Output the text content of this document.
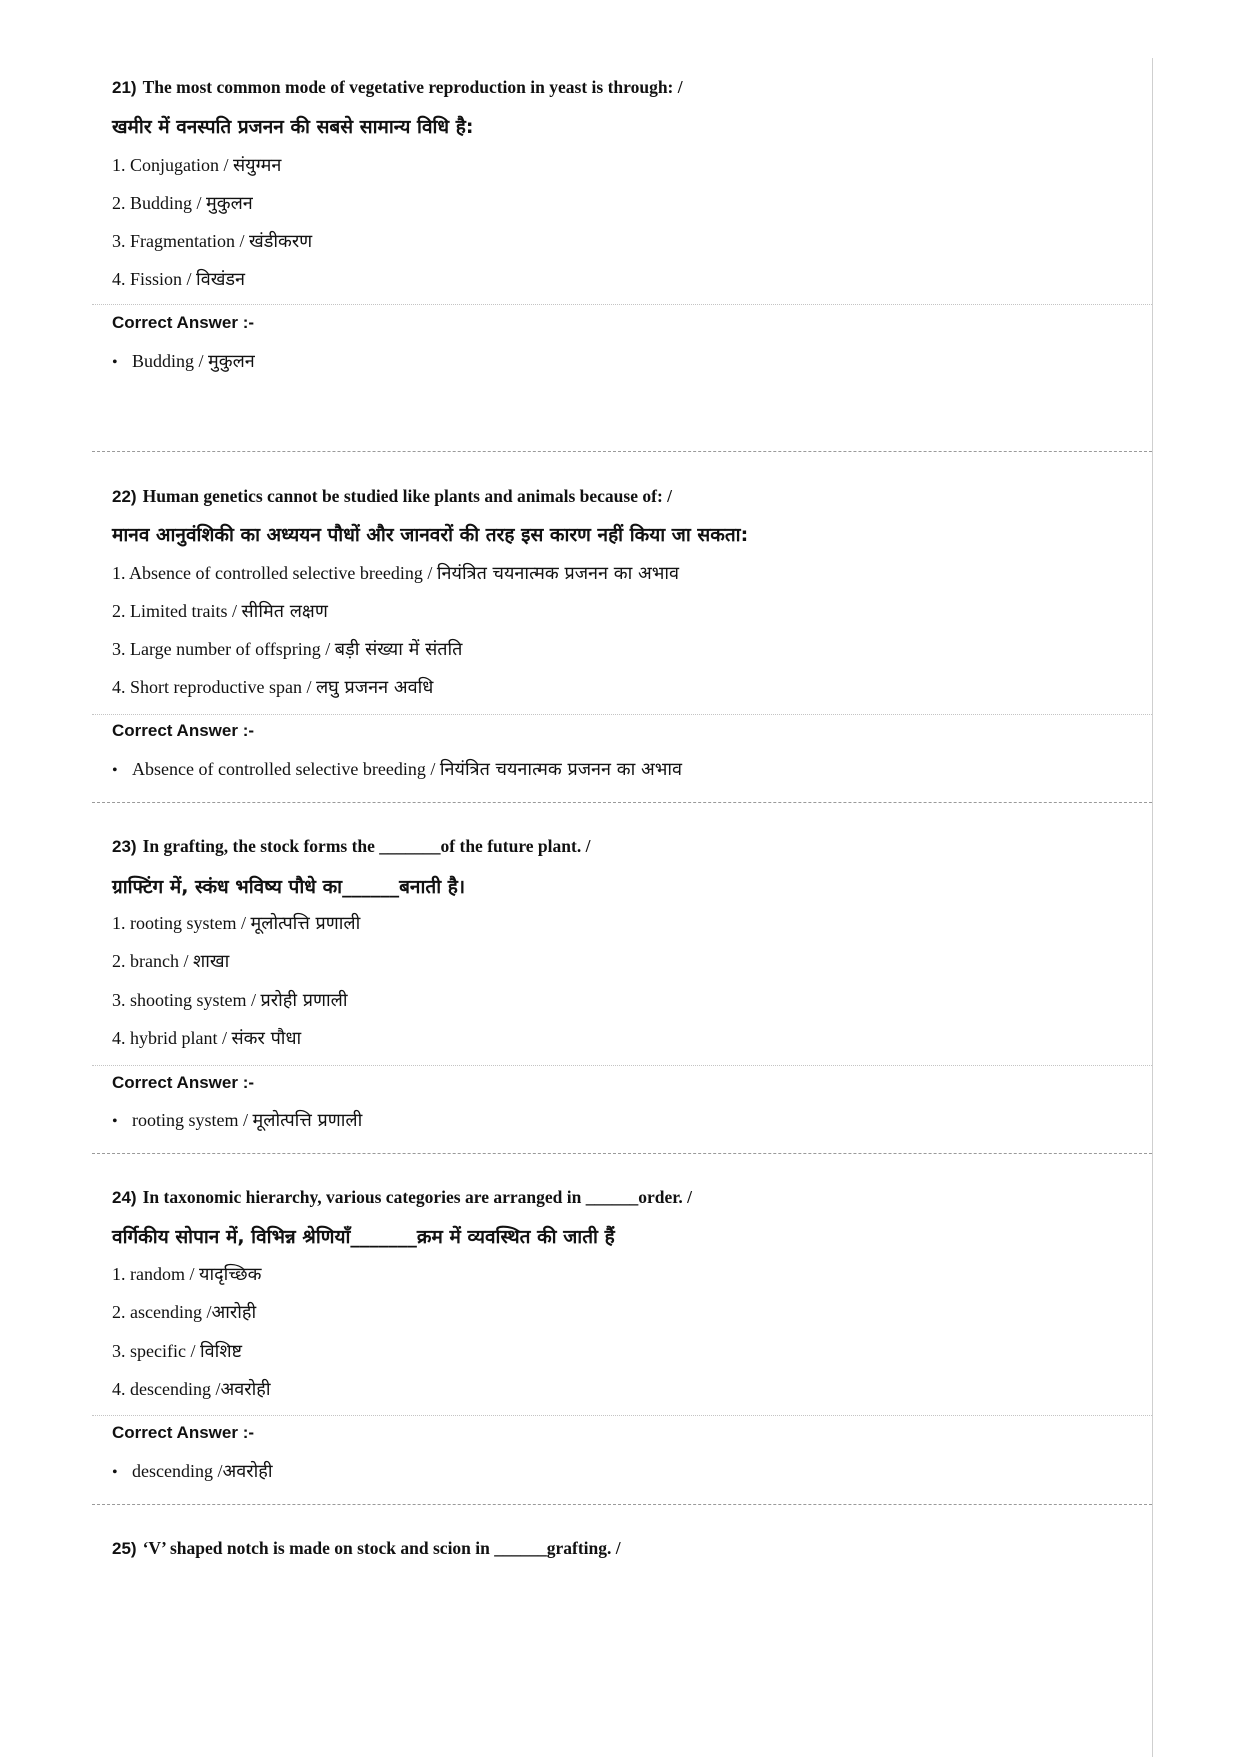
21) The most common mode of vegetative reproduction in yeast is through: /
खमीर में वनस्पति प्रजनन की सबसे सामान्य विधि है:
1. Conjugation / संयुग्मन
2. Budding / मुकुलन
3. Fragmentation / खंडीकरण
4. Fission / विखंडन
Correct Answer :-
• Budding / मुकुलन
22) Human genetics cannot be studied like plants and animals because of: /
मानव आनुवंशिकी का अध्ययन पौधों और जानवरों की तरह इस कारण नहीं किया जा सकता:
1. Absence of controlled selective breeding / नियंत्रित चयनात्मक प्रजनन का अभाव
2. Limited traits / सीमित लक्षण
3. Large number of offspring / बड़ी संख्या में संतति
4. Short reproductive span / लघु प्रजनन अवधि
Correct Answer :-
• Absence of controlled selective breeding / नियंत्रित चयनात्मक प्रजनन का अभाव
23) In grafting, the stock forms the _______of the future plant. /
ग्राफ्टिंग में, स्कंध भविष्य पौधे का______बनाती है।
1. rooting system / मूलोत्पत्ति प्रणाली
2. branch / शाखा
3. shooting system / प्ररोही प्रणाली
4. hybrid plant / संकर पौधा
Correct Answer :-
• rooting system / मूलोत्पत्ति प्रणाली
24) In taxonomic hierarchy, various categories are arranged in ______order. /
वर्गिकीय सोपान में, विभिन्न श्रेणियाँ_______क्रम में व्यवस्थित की जाती हैं
1. random / यादृच्छिक
2. ascending /आरोही
3. specific / विशिष्ट
4. descending /अवरोही
Correct Answer :-
• descending /अवरोही
25) ‘V’ shaped notch is made on stock and scion in ______grafting. /
